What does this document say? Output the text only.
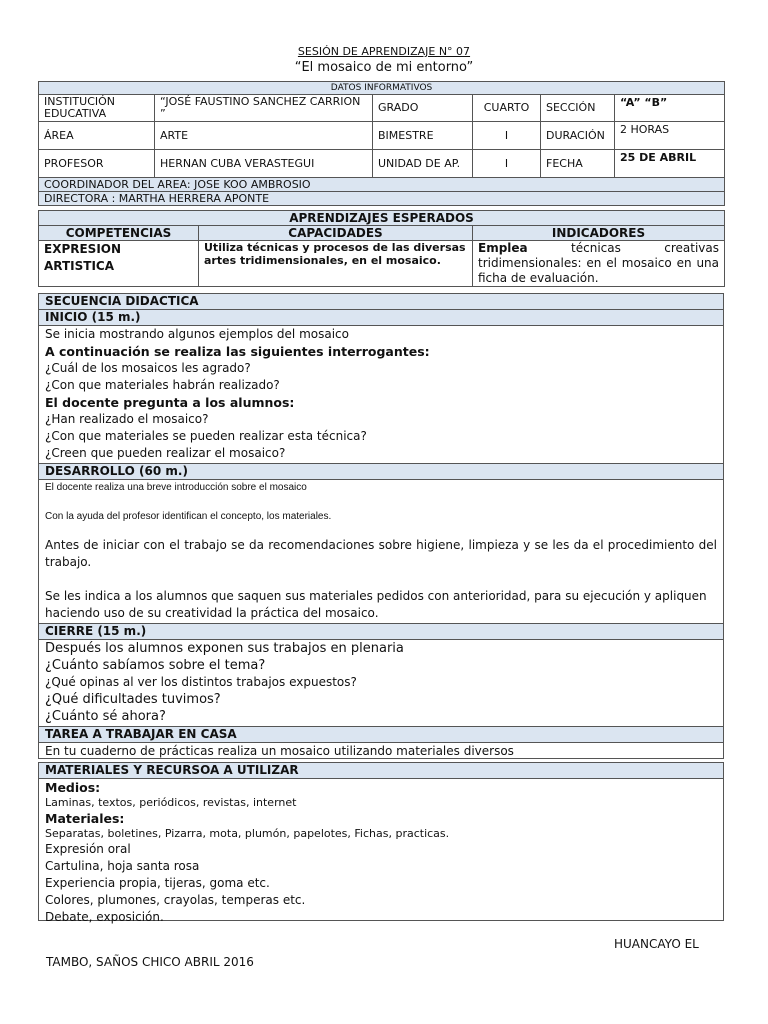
SESIÓN DE APRENDIZAJE N° 07
“El mosaico de mi entorno”
DATOS INFORMATIVOS					
INSTITUCIÓN EDUCATIVA	“JOSÉ FAUSTINO SANCHEZ CARRION ”	GRADO	CUARTO	SECCIÓN	“A” “B”
ÁREA	ARTE	BIMESTRE	I	DURACIÓN	2 HORAS
PROFESOR	HERNAN CUBA VERASTEGUI	UNIDAD DE AP.	I	FECHA	25 DE ABRIL
COORDINADOR DEL AREA: JOSE KOO AMBROSIO					
DIRECTORA : MARTHA HERRERA APONTE					
APRENDIZAJES ESPERADOS		
COMPETENCIAS	CAPACIDADES	INDICADORES
EXPRESION ARTISTICA	Utiliza técnicas y procesos de las diversas artes tridimensionales, en el mosaico.	Emplea técnicas creativas tridimensionales: en el mosaico en una ficha de evaluación.
SECUENCIA DIDACTICA
INICIO (15 m.)
Se inicia mostrando algunos ejemplos del mosaico
A continuación se realiza las siguientes interrogantes:
¿Cuál de los mosaicos les agrado?
¿Con que materiales habrán realizado?
El docente pregunta a los alumnos:
¿Han realizado el mosaico?
¿Con que materiales se pueden realizar esta técnica?
¿Creen que pueden realizar el mosaico?
DESARROLLO (60 m.)
El docente realiza una breve introducción sobre el mosaico
Con la ayuda del profesor identifican el concepto, los materiales.
Antes de iniciar con el trabajo se da recomendaciones sobre higiene, limpieza y se les da el procedimiento del trabajo.
Se les indica a los alumnos que saquen sus materiales pedidos con anterioridad, para su ejecución y apliquen haciendo uso de su creatividad la práctica del mosaico.
CIERRE (15 m.)
Después los alumnos exponen sus trabajos en plenaria
¿Cuánto sabíamos sobre el tema?
¿Qué opinas al ver los distintos trabajos expuestos?
¿Qué dificultades tuvimos?
¿Cuánto sé ahora?
TAREA A TRABAJAR EN CASA
En tu cuaderno de prácticas realiza un mosaico utilizando materiales diversos
MATERIALES Y RECURSOA A UTILIZAR
Medios:
Laminas, textos, periódicos, revistas, internet
Materiales:
Separatas, boletines, Pizarra, mota, plumón, papelotes, Fichas, practicas.
Expresión oral
Cartulina, hoja santa rosa
Experiencia propia, tijeras, goma etc.
Colores, plumones, crayolas, temperas etc.
Debate, exposición.
HUANCAYO EL
TAMBO, SAÑOS CHICO ABRIL 2016
